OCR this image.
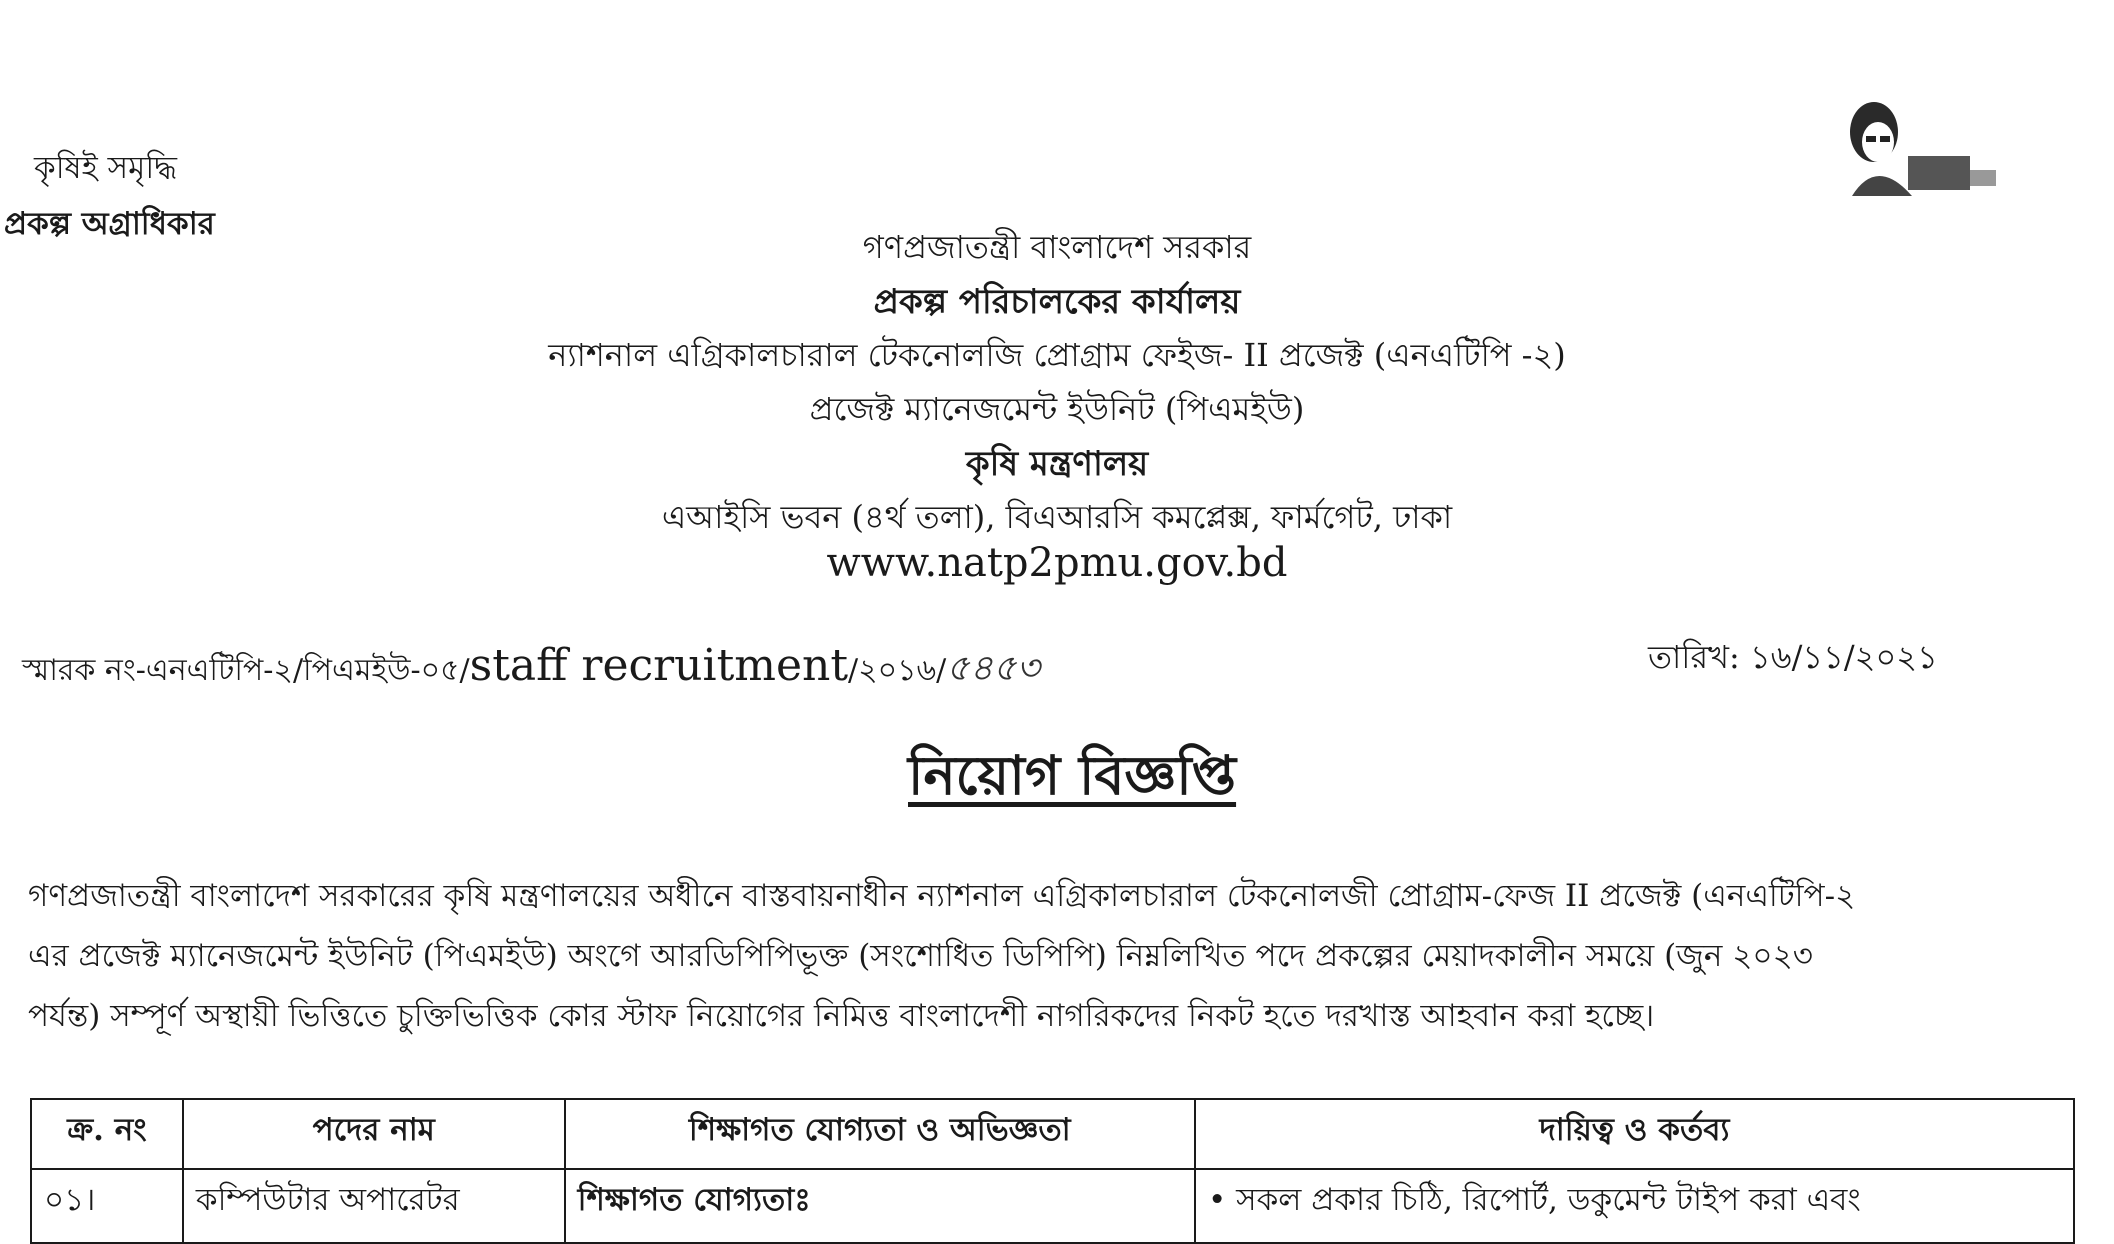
কৃষিই সমৃদ্ধি
প্রকল্প অগ্রাধিকার
গণপ্রজাতন্ত্রী বাংলাদেশ সরকার
প্রকল্প পরিচালকের কার্যালয়
ন্যাশনাল এগ্রিকালচারাল টেকনোলজি প্রোগ্রাম ফেইজ- II প্রজেক্ট (এনএটিপি -২)
প্রজেক্ট ম্যানেজমেন্ট ইউনিট (পিএমইউ)
কৃষি মন্ত্রণালয়
এআইসি ভবন (৪র্থ তলা), বিএআরসি কমপ্লেক্স, ফার্মগেট, ঢাকা
www.natp2pmu.gov.bd
স্মারক নং-এনএটিপি-২/পিএমইউ-০৫/staff recruitment/২০১৬/৫৪৫৩	তারিখ: ১৬/১১/২০২১
নিয়োগ বিজ্ঞপ্তি
গণপ্রজাতন্ত্রী বাংলাদেশ সরকারের কৃষি মন্ত্রণালয়ের অধীনে বাস্তবায়নাধীন ন্যাশনাল এগ্রিকালচারাল টেকনোলজী প্রোগ্রাম-ফেজ II প্রজেক্ট (এনএটিপি-২
এর প্রজেক্ট ম্যানেজমেন্ট ইউনিট (পিএমইউ) অংগে আরডিপিপিভূক্ত (সংশোধিত ডিপিপি) নিম্নলিখিত পদে প্রকল্পের মেয়াদকালীন সময়ে (জুন ২০২৩
পর্যন্ত) সম্পূর্ণ অস্থায়ী ভিত্তিতে চুক্তিভিত্তিক কোর স্টাফ নিয়োগের নিমিত্ত বাংলাদেশী নাগরিকদের নিকট হতে দরখাস্ত আহবান করা হচ্ছে।
ক্র. নং	পদের নাম	শিক্ষাগত যোগ্যতা ও অভিজ্ঞতা	দায়িত্ব ও কর্তব্য
০১।	কম্পিউটার অপারেটর	শিক্ষাগত যোগ্যতাঃ	• সকল প্রকার চিঠি, রিপোর্ট, ডকুমেন্ট টাইপ করা এবং
